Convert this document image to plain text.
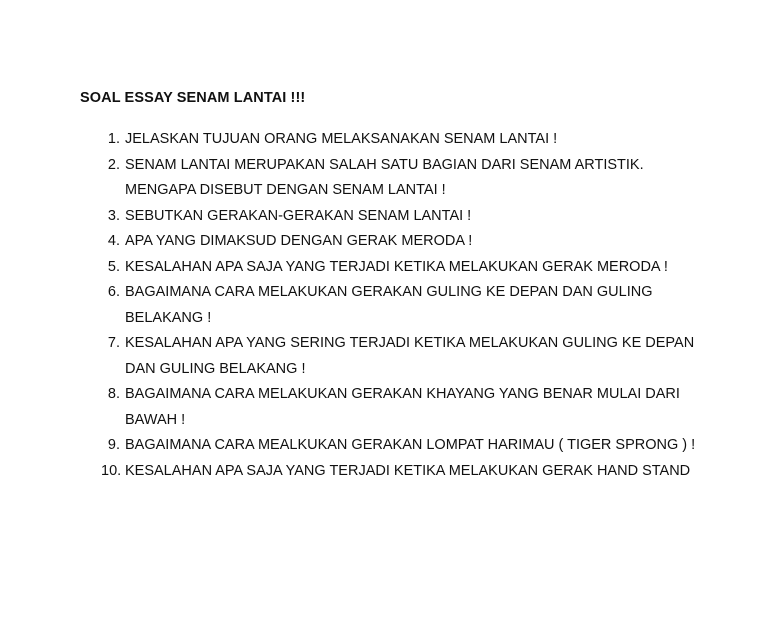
SOAL ESSAY SENAM LANTAI !!!
1. JELASKAN TUJUAN ORANG MELAKSANAKAN SENAM LANTAI !
2. SENAM LANTAI MERUPAKAN SALAH SATU BAGIAN DARI SENAM ARTISTIK. MENGAPA DISEBUT DENGAN SENAM LANTAI !
3. SEBUTKAN GERAKAN-GERAKAN SENAM LANTAI !
4. APA YANG DIMAKSUD DENGAN GERAK MERODA !
5. KESALAHAN APA SAJA YANG TERJADI KETIKA MELAKUKAN GERAK MERODA !
6. BAGAIMANA CARA MELAKUKAN GERAKAN GULING KE DEPAN DAN GULING BELAKANG !
7. KESALAHAN APA YANG SERING TERJADI KETIKA MELAKUKAN GULING KE DEPAN DAN GULING BELAKANG !
8. BAGAIMANA CARA MELAKUKAN GERAKAN KHAYANG YANG BENAR MULAI DARI BAWAH !
9. BAGAIMANA CARA MEALKUKAN GERAKAN LOMPAT HARIMAU ( TIGER SPRONG ) !
10. KESALAHAN APA SAJA YANG TERJADI KETIKA MELAKUKAN GERAK HAND STAND
